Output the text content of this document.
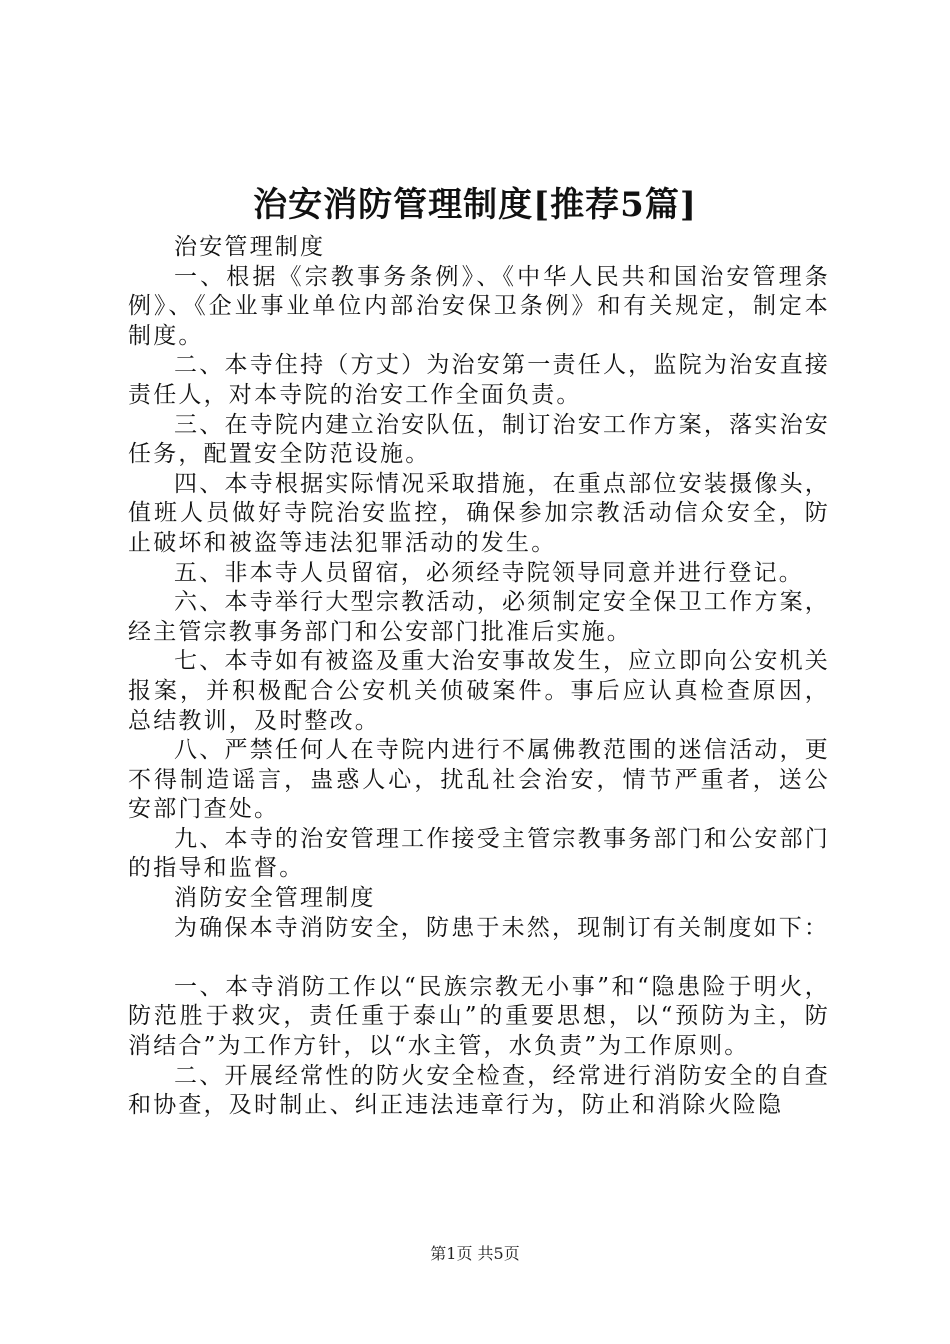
治安消防管理制度[推荐5篇]

治安管理制度

一、根据《宗教事务条例》、《中华人民共和国治安管理条例》、《企业事业单位内部治安保卫条例》和有关规定，制定本制度。

二、本寺住持（方丈）为治安第一责任人，监院为治安直接责任人，对本寺院的治安工作全面负责。

三、在寺院内建立治安队伍，制订治安工作方案，落实治安任务，配置安全防范设施。

四、本寺根据实际情况采取措施，在重点部位安装摄像头，值班人员做好寺院治安监控，确保参加宗教活动信众安全，防止破坏和被盗等违法犯罪活动的发生。

五、非本寺人员留宿，必须经寺院领导同意并进行登记。

六、本寺举行大型宗教活动，必须制定安全保卫工作方案，经主管宗教事务部门和公安部门批准后实施。

七、本寺如有被盗及重大治安事故发生，应立即向公安机关报案，并积极配合公安机关侦破案件。事后应认真检查原因，总结教训，及时整改。

八、严禁任何人在寺院内进行不属佛教范围的迷信活动，更不得制造谣言，蛊惑人心，扰乱社会治安，情节严重者，送公安部门查处。

九、本寺的治安管理工作接受主管宗教事务部门和公安部门的指导和监督。

消防安全管理制度

为确保本寺消防安全，防患于未然，现制订有关制度如下：

一、本寺消防工作以“民族宗教无小事”和“隐患险于明火，防范胜于救灾，责任重于泰山”的重要思想，以“预防为主，防消结合”为工作方针，以“水主管，水负责”为工作原则。

二、开展经常性的防火安全检查，经常进行消防安全的自查和协查，及时制止、纠正违法违章行为，防止和消除火险隐

第1页 共5页
